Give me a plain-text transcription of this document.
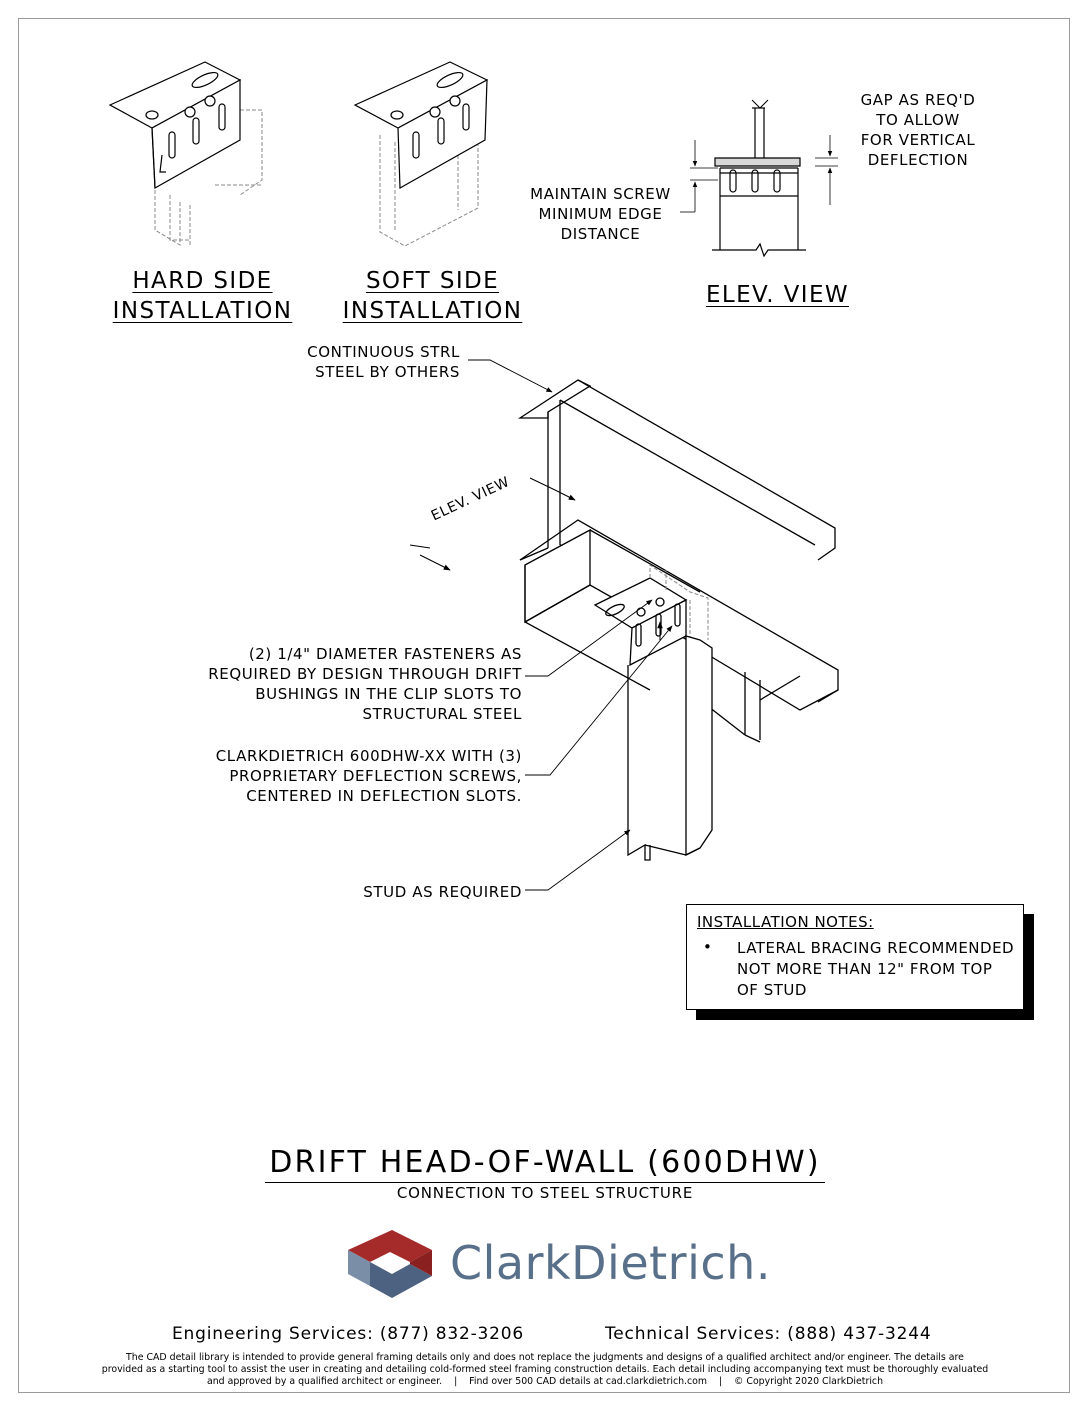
HARD SIDE
INSTALLATION
SOFT SIDE
INSTALLATION
ELEV. VIEW
ELEV. VIEW
GAP AS REQ'D
TO ALLOW
FOR VERTICAL
DEFLECTION
MAINTAIN SCREW
MINIMUM EDGE
DISTANCE
CONTINUOUS STRL
STEEL BY OTHERS
(2) 1/4" DIAMETER FASTENERS AS
REQUIRED BY DESIGN THROUGH DRIFT
BUSHINGS IN THE CLIP SLOTS TO
STRUCTURAL STEEL
CLARKDIETRICH 600DHW-XX WITH (3)
PROPRIETARY DEFLECTION SCREWS,
CENTERED IN DEFLECTION SLOTS.
STUD AS REQUIRED
INSTALLATION NOTES:
• LATERAL BRACING RECOMMENDED NOT MORE THAN 12" FROM TOP OF STUD
DRIFT HEAD-OF-WALL (600DHW)
CONNECTION TO STEEL STRUCTURE
ClarkDietrich.
Engineering Services: (877) 832-3206	Technical Services: (888) 437-3244
The CAD detail library is intended to provide general framing details only and does not replace the judgments and designs of a qualified architect and/or engineer. The details are
provided as a starting tool to assist the user in creating and detailing cold-formed steel framing construction details. Each detail including accompanying text must be thoroughly evaluated
and approved by a qualified architect or engineer.    |    Find over 500 CAD details at cad.clarkdietrich.com    |    © Copyright 2020 ClarkDietrich
